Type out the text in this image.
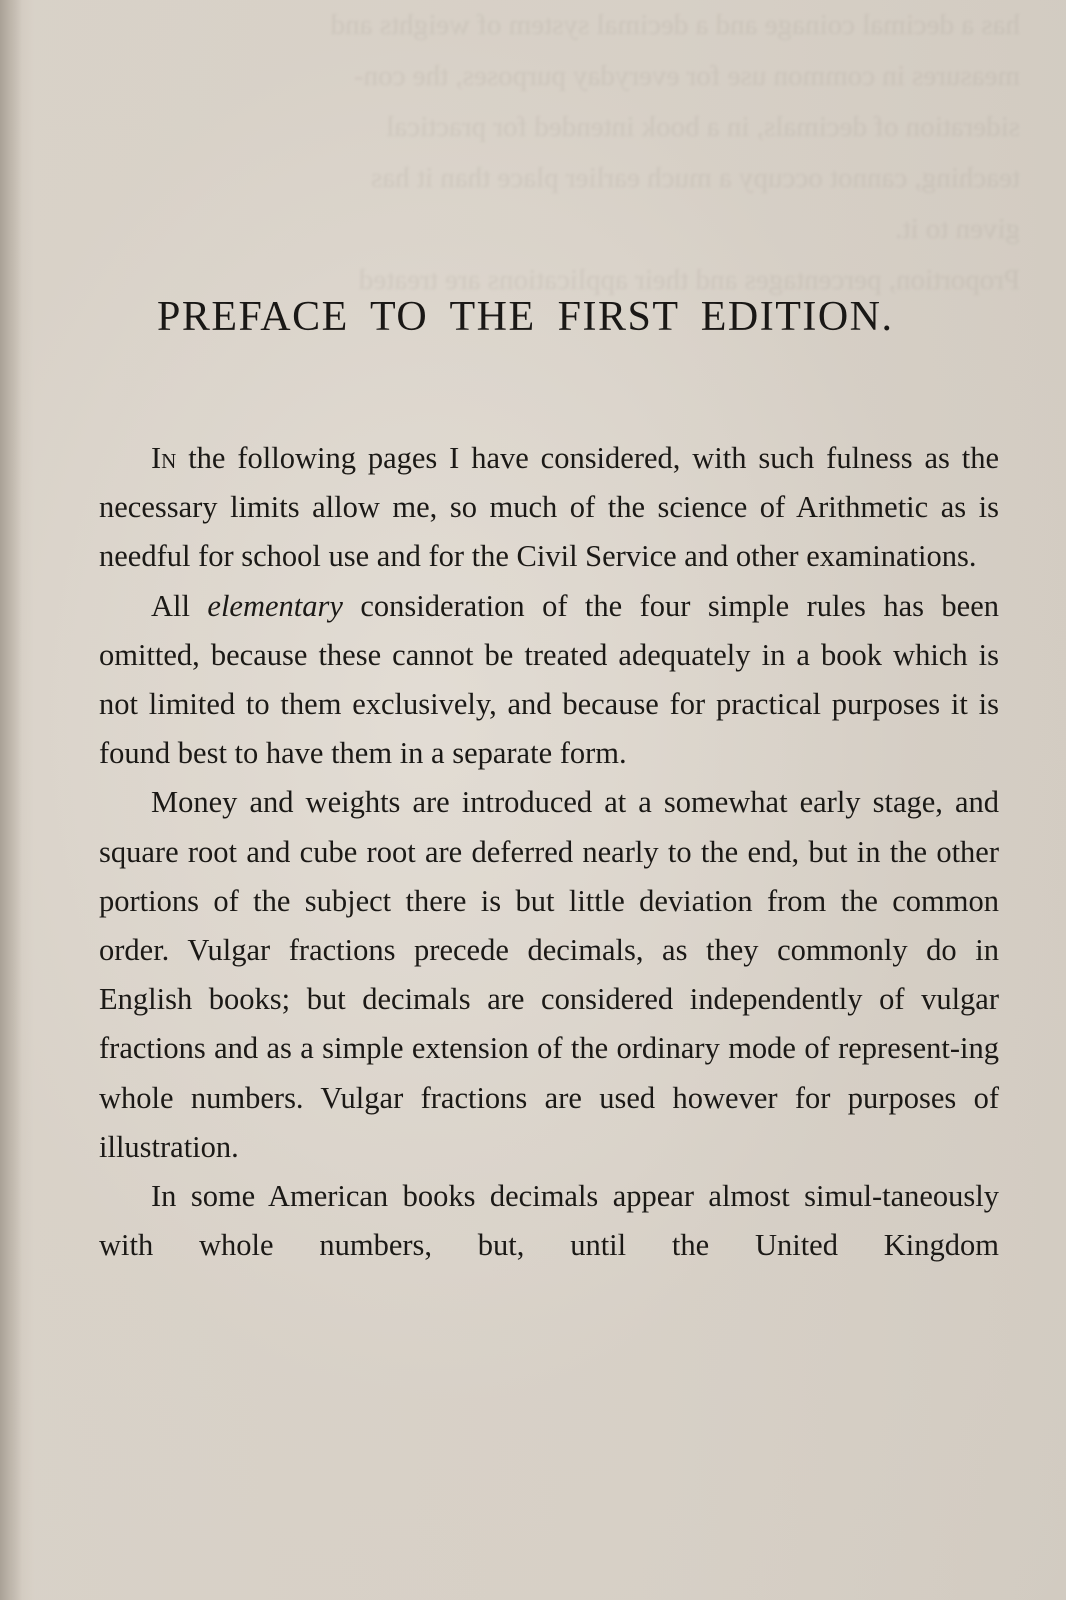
has a decimal coinage and a decimal system of weights and
measures in common use for everyday purposes, the con-
sideration of decimals, in a book intended for practical
teaching, cannot occupy a much earlier place than it has
given to it.
Proportion, percentages and their applications are treated
PREFACE TO THE FIRST EDITION.

In the following pages I have considered, with such fulness as the necessary limits allow me, so much of the science of Arithmetic as is needful for school use and for the Civil Service and other examinations.

All elementary consideration of the four simple rules has been omitted, because these cannot be treated adequately in a book which is not limited to them exclusively, and because for practical purposes it is found best to have them in a separate form.

Money and weights are introduced at a somewhat early stage, and square root and cube root are deferred nearly to the end, but in the other portions of the subject there is but little deviation from the common order. Vulgar fractions precede decimals, as they commonly do in English books; but decimals are considered independently of vulgar fractions and as a simple extension of the ordinary mode of represent-ing whole numbers. Vulgar fractions are used however for purposes of illustration.

In some American books decimals appear almost simul-taneously with whole numbers, but, until the United Kingdom
